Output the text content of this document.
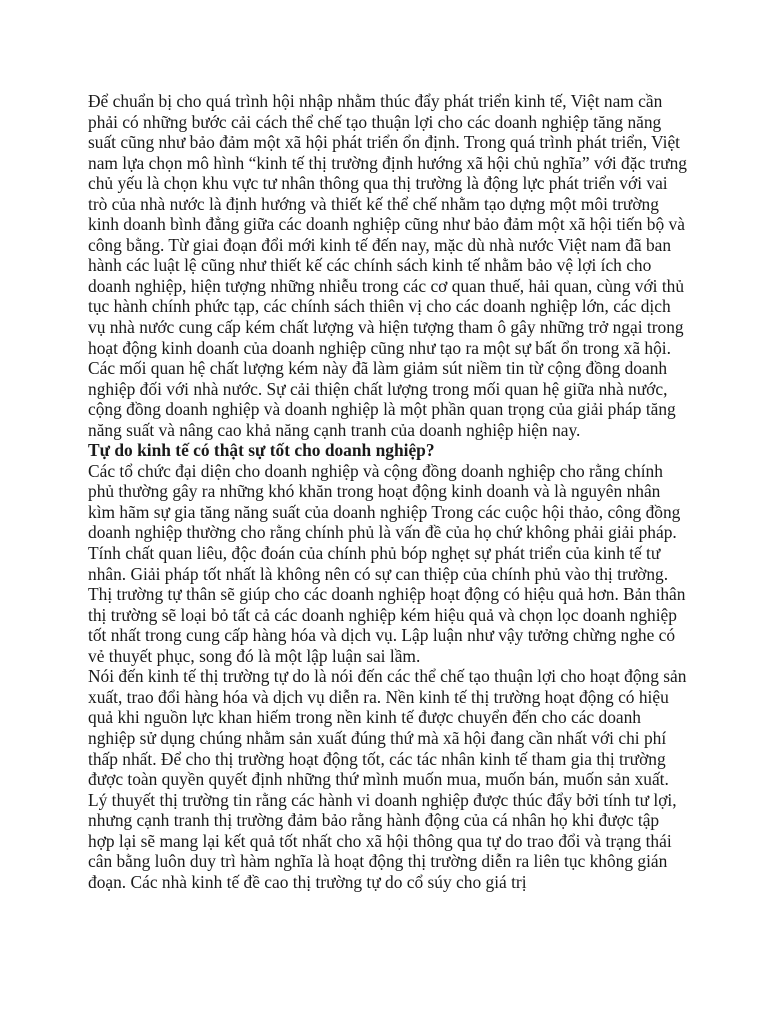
Để chuẩn bị cho quá trình hội nhập nhằm thúc đẩy phát triển kinh tế, Việt nam cần phải có những bước cải cách thể chế tạo thuận lợi cho các doanh nghiệp tăng năng suất cũng như bảo đảm một xã hội phát triển ổn định. Trong quá trình phát triển, Việt nam lựa chọn mô hình “kinh tế thị trường định hướng xã hội chủ nghĩa” với đặc trưng chủ yếu là chọn khu vực tư nhân thông qua thị trường là động lực phát triển với vai trò của nhà nước là định hướng và thiết kế thể chế nhằm tạo dựng một môi trường kinh doanh bình đẳng giữa các doanh nghiệp cũng như bảo đảm một xã hội tiến bộ và công bằng. Từ giai đoạn đổi mới kinh tế đến nay, mặc dù nhà nước Việt nam đã ban hành các luật lệ cũng như thiết kế các chính sách kinh tế nhằm bảo vệ lợi ích cho doanh nghiệp, hiện tượng những nhiễu trong các cơ quan thuế, hải quan, cùng với thủ tục hành chính phức tạp, các chính sách thiên vị cho các doanh nghiệp lớn, các dịch vụ nhà nước cung cấp kém chất lượng và hiện tượng tham ô gây những trở ngại trong hoạt động kinh doanh của doanh nghiệp cũng như tạo ra một sự bất ổn trong xã hội. Các mối quan hệ chất lượng kém này đã làm giảm sút niềm tin từ cộng đồng doanh nghiệp đối với nhà nước. Sự cải thiện chất lượng trong mối quan hệ giữa nhà nước, cộng đồng doanh nghiệp và doanh nghiệp là một phần quan trọng của giải pháp tăng năng suất và nâng cao khả năng cạnh tranh của doanh nghiệp hiện nay.

Tự do kinh tế có thật sự tốt cho doanh nghiệp?

Các tổ chức đại diện cho doanh nghiệp và cộng đồng doanh nghiệp cho rằng chính phủ thường gây ra những khó khăn trong hoạt động kinh doanh và là nguyên nhân kìm hãm sự gia tăng năng suất của doanh nghiệp Trong các cuộc hội thảo, công đồng doanh nghiệp thường cho rằng chính phủ là vấn đề của họ chứ không phải giải pháp. Tính chất quan liêu, độc đoán của chính phủ bóp nghẹt sự phát triển của kinh tế tư nhân. Giải pháp tốt nhất là không nên có sự can thiệp của chính phủ vào thị trường. Thị trường tự thân sẽ giúp cho các doanh nghiệp hoạt động có hiệu quả hơn. Bản thân thị trường sẽ loại bỏ tất cả các doanh nghiệp kém hiệu quả và chọn lọc doanh nghiệp tốt nhất trong cung cấp hàng hóa và dịch vụ. Lập luận như vậy tưởng chừng nghe có vẻ thuyết phục, song đó là một lập luận sai lầm.

Nói đến kinh tế thị trường tự do là nói đến các thể chế tạo thuận lợi cho hoạt động sản xuất, trao đổi hàng hóa và dịch vụ diễn ra. Nền kinh tế thị trường hoạt động có hiệu quả khi nguồn lực khan hiếm trong nền kinh tế được chuyển đến cho các doanh nghiệp sử dụng chúng nhằm sản xuất đúng thứ mà xã hội đang cần nhất với chi phí thấp nhất. Để cho thị trường hoạt động tốt, các tác nhân kinh tế tham gia thị trường được toàn quyền quyết định những thứ mình muốn mua, muốn bán, muốn sản xuất. Lý thuyết thị trường tin rằng các hành vi doanh nghiệp được thúc đẩy bởi tính tư lợi, nhưng cạnh tranh thị trường đảm bảo rằng hành động của cá nhân họ khi được tập hợp lại sẽ mang lại kết quả tốt nhất cho xã hội thông qua tự do trao đổi và trạng thái cân bằng luôn duy trì hàm nghĩa là hoạt động thị trường diễn ra liên tục không gián đoạn. Các nhà kinh tế đề cao thị trường tự do cổ súy cho giá trị
